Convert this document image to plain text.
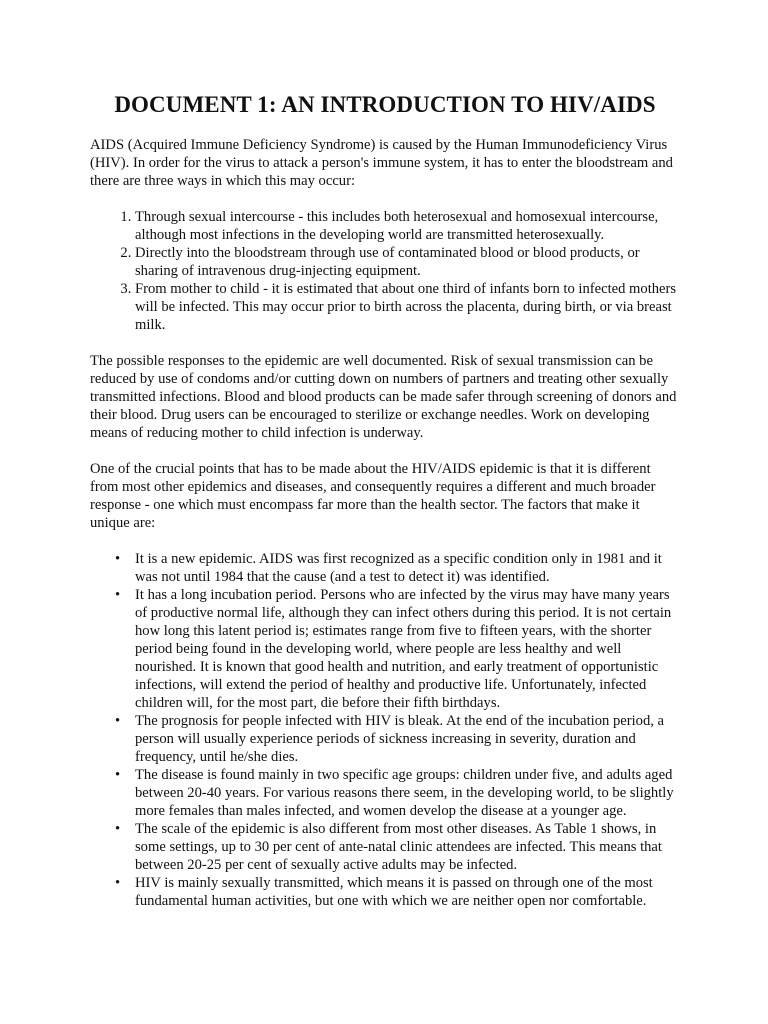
DOCUMENT 1: AN INTRODUCTION TO HIV/AIDS

AIDS (Acquired Immune Deficiency Syndrome) is caused by the Human Immunodeficiency Virus (HIV). In order for the virus to attack a person's immune system, it has to enter the bloodstream and there are three ways in which this may occur:

1. Through sexual intercourse - this includes both heterosexual and homosexual intercourse, although most infections in the developing world are transmitted heterosexually.
2. Directly into the bloodstream through use of contaminated blood or blood products, or sharing of intravenous drug-injecting equipment.
3. From mother to child - it is estimated that about one third of infants born to infected mothers will be infected. This may occur prior to birth across the placenta, during birth, or via breast milk.

The possible responses to the epidemic are well documented. Risk of sexual transmission can be reduced by use of condoms and/or cutting down on numbers of partners and treating other sexually transmitted infections. Blood and blood products can be made safer through screening of donors and their blood. Drug users can be encouraged to sterilize or exchange needles. Work on developing means of reducing mother to child infection is underway.

One of the crucial points that has to be made about the HIV/AIDS epidemic is that it is different from most other epidemics and diseases, and consequently requires a different and much broader response - one which must encompass far more than the health sector. The factors that make it unique are:

• It is a new epidemic. AIDS was first recognized as a specific condition only in 1981 and it was not until 1984 that the cause (and a test to detect it) was identified.
• It has a long incubation period. Persons who are infected by the virus may have many years of productive normal life, although they can infect others during this period. It is not certain how long this latent period is; estimates range from five to fifteen years, with the shorter period being found in the developing world, where people are less healthy and well nourished. It is known that good health and nutrition, and early treatment of opportunistic infections, will extend the period of healthy and productive life. Unfortunately, infected children will, for the most part, die before their fifth birthdays.
• The prognosis for people infected with HIV is bleak. At the end of the incubation period, a person will usually experience periods of sickness increasing in severity, duration and frequency, until he/she dies.
• The disease is found mainly in two specific age groups: children under five, and adults aged between 20-40 years. For various reasons there seem, in the developing world, to be slightly more females than males infected, and women develop the disease at a younger age.
• The scale of the epidemic is also different from most other diseases. As Table 1 shows, in some settings, up to 30 per cent of ante-natal clinic attendees are infected. This means that between 20-25 per cent of sexually active adults may be infected.
• HIV is mainly sexually transmitted, which means it is passed on through one of the most fundamental human activities, but one with which we are neither open nor comfortable.
